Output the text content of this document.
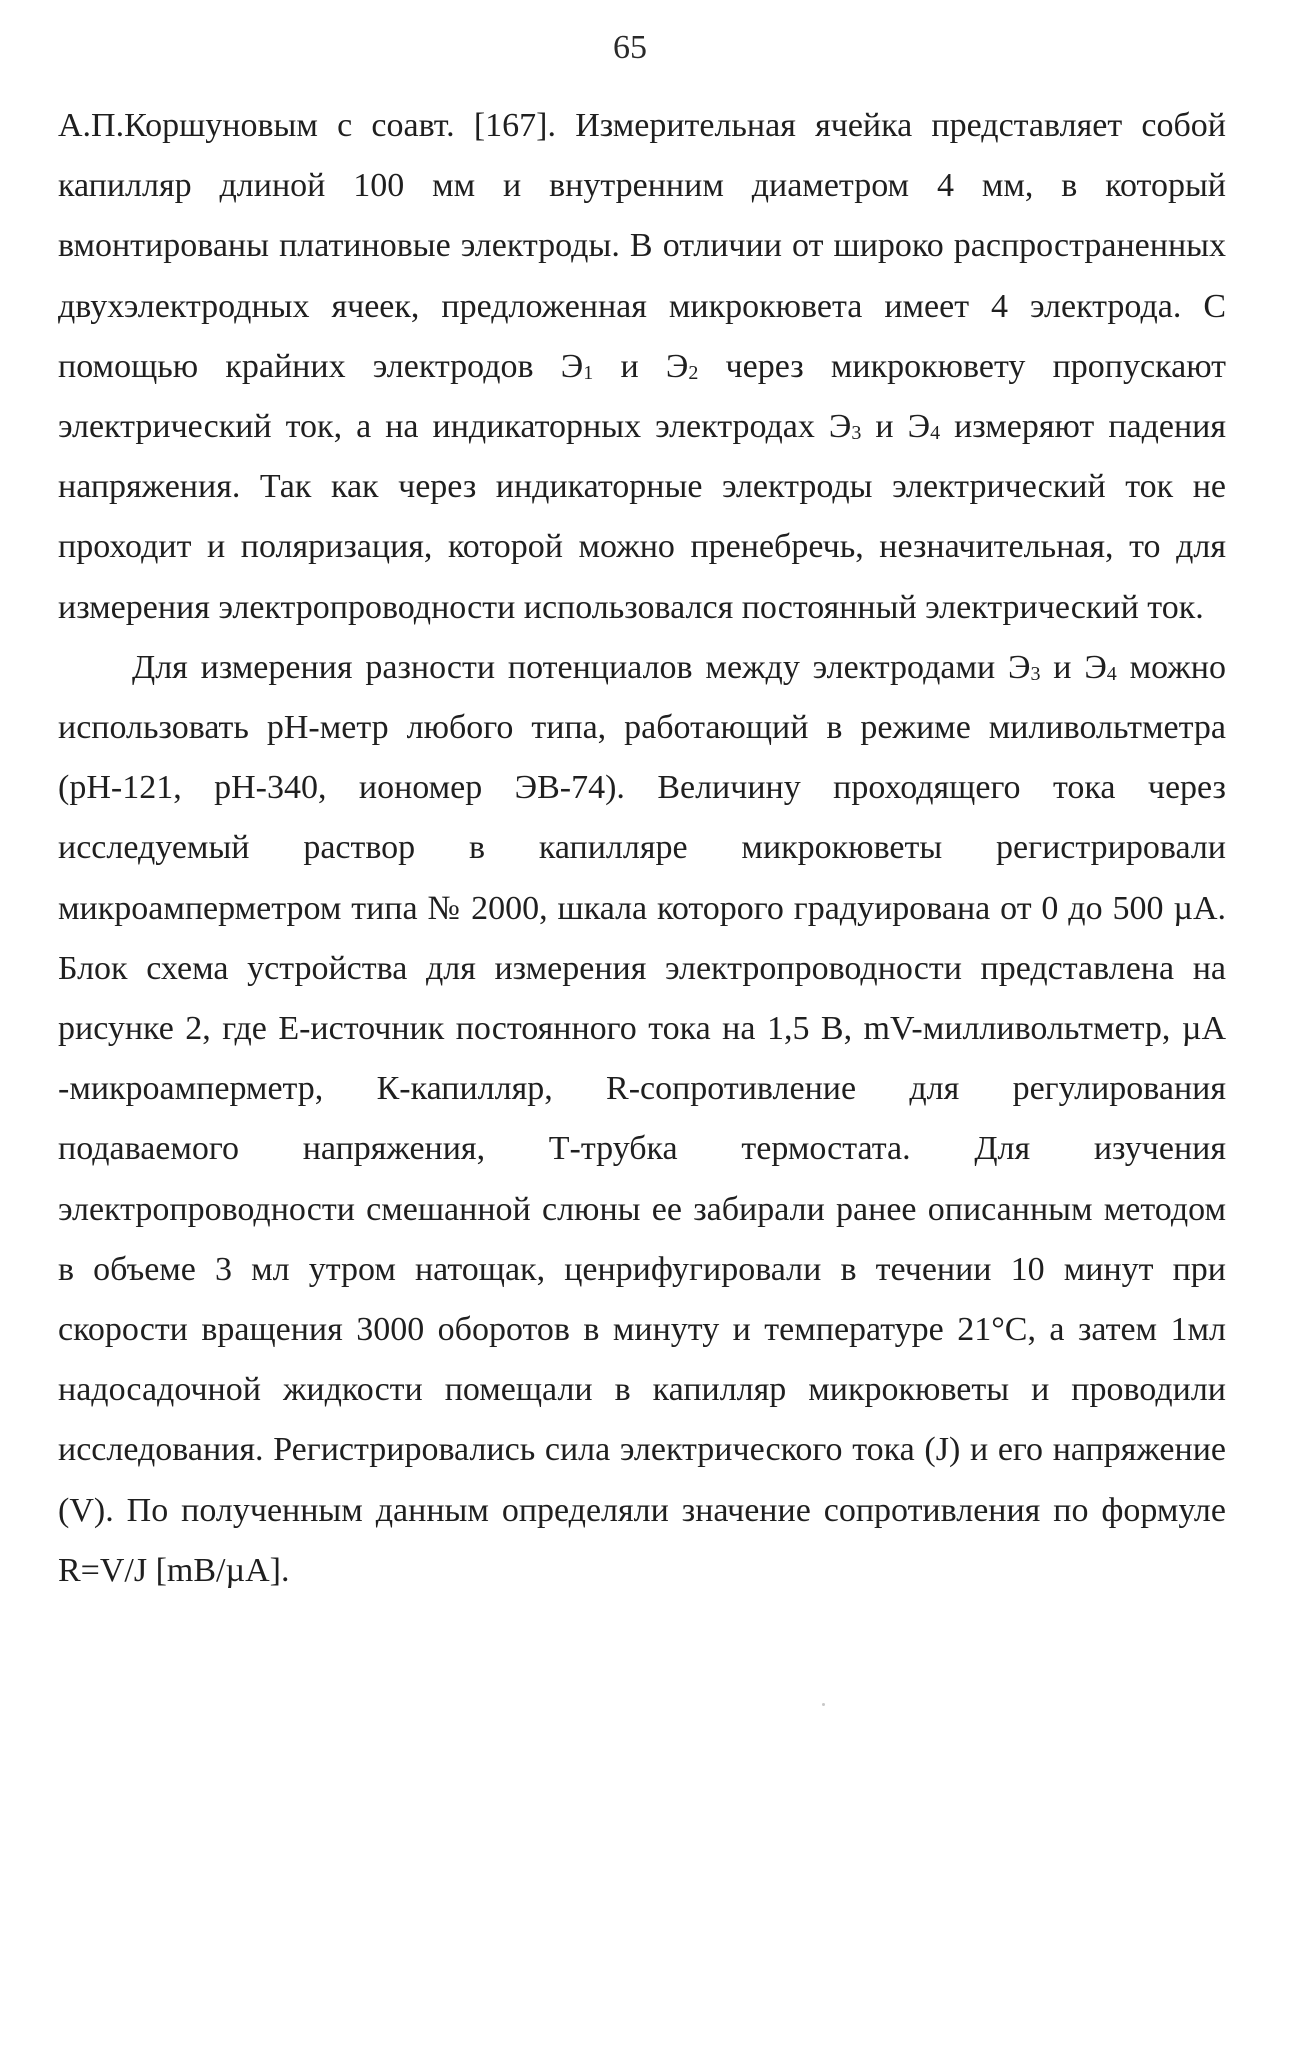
65

А.П.Коршуновым с соавт. [167]. Измерительная ячейка представляет собой капилляр длиной 100 мм и внутренним диаметром 4 мм, в который вмонтированы платиновые электроды. В отличии от широко распространенных двухэлектродных ячеек, предложенная микрокювета имеет 4 электрода. С помощью крайних электродов $Э_1$ и $Э_2$ через микрокювету пропускают электрический ток, а на индикаторных электродах $Э_3$ и $Э_4$ измеряют падения напряжения. Так как через индикаторные электроды электрический ток не проходит и поляризация, которой можно пренебречь, незначительная, то для измерения электропроводности использовался постоянный электрический ток.

Для измерения разности потенциалов между электродами $Э_3$ и $Э_4$ можно использовать рН-метр любого типа, работающий в режиме миливольтметра (рН-121, рН-340, иономер ЭВ-74). Величину проходящего тока через исследуемый раствор в капилляре микрокюветы регистрировали микроамперметром типа № 2000, шкала которого градуирована от 0 до 500 µA. Блок схема устройства для измерения электропроводности представлена на рисунке 2, где Е-источник постоянного тока на 1,5 В, mV-милливольтметр, µA -микроамперметр, К-капилляр, R-сопротивление для регулирования подаваемого напряжения, Т-трубка термостата. Для изучения электропроводности смешанной слюны ее забирали ранее описанным методом в объеме 3 мл утром натощак, ценрифугировали в течении 10 минут при скорости вращения 3000 оборотов в минуту и температуре 21°С, а затем 1мл надосадочной жидкости помещали в капилляр микрокюветы и проводили исследования. Регистрировались сила электрического тока (J) и его напряжение (V). По полученным данным определяли значение сопротивления по формуле R=V/J [mB/µA].
